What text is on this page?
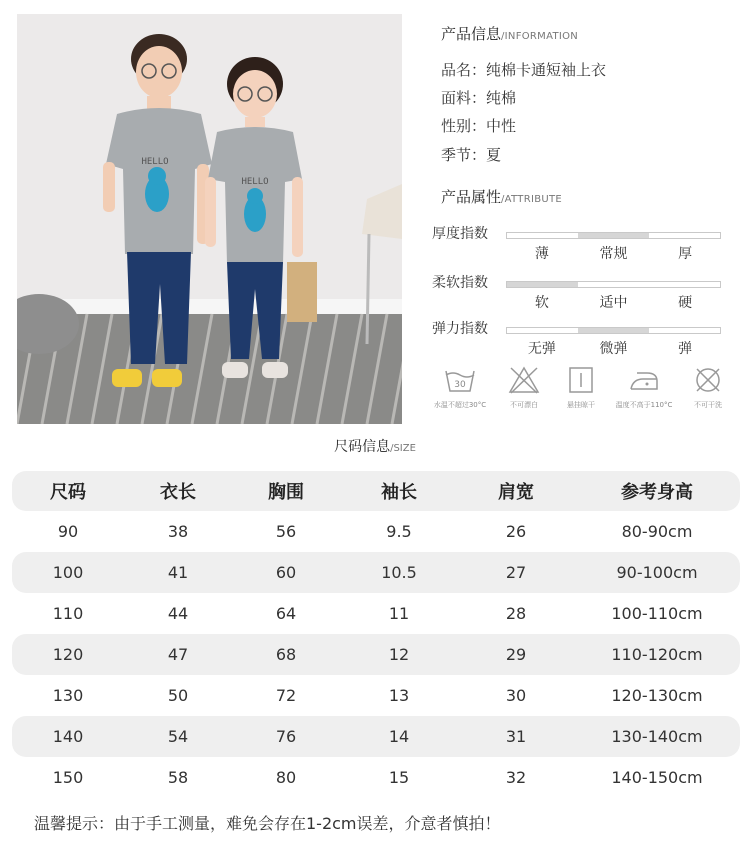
HELLO
HELLO
产品信息/INFORMATION
品名：纯棉卡通短袖上衣
面料：纯棉
性别：中性
季节：夏
产品属性/ATTRIBUTE
厚度指数
薄	常规	厚
柔软指数
软	适中	硬
弹力指数
无弹	微弹	弹
30
水温不超过30°C	不可漂白	悬挂晾干	温度不高于110°C	不可干洗
尺码信息/SIZE
尺码	衣长	胸围	袖长	肩宽	参考身高
90	38	56	9.5	26	80-90cm
100	41	60	10.5	27	90-100cm
110	44	64	11	28	100-110cm
120	47	68	12	29	110-120cm
130	50	72	13	30	120-130cm
140	54	76	14	31	130-140cm
150	58	80	15	32	140-150cm
温馨提示：由于手工测量，难免会存在1-2cm误差，介意者慎拍！
